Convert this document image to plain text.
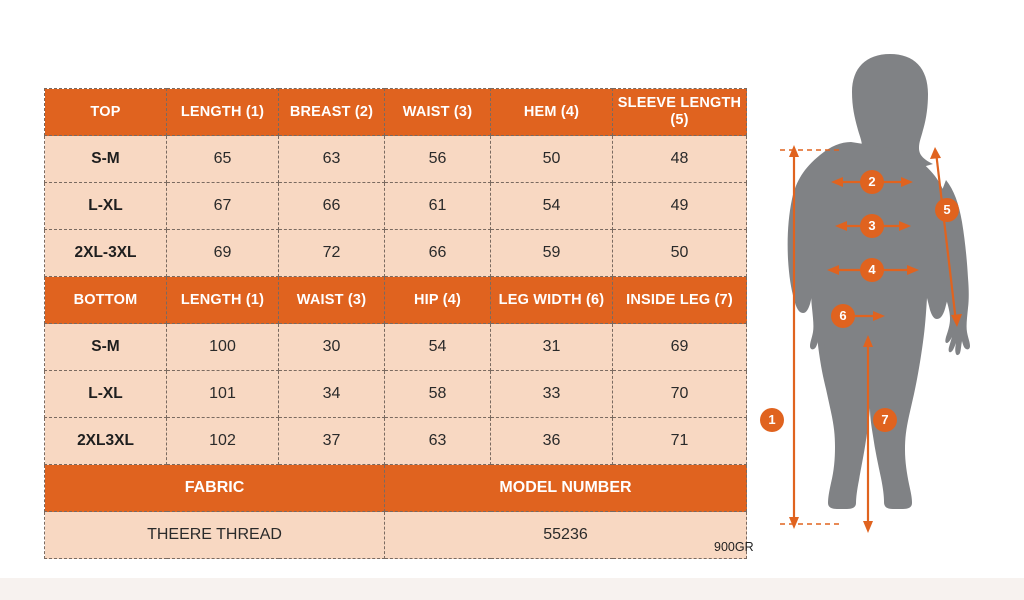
TOP	LENGTH (1)	BREAST (2)	WAIST (3)	HEM (4)	SLEEVE LENGTH (5)
S-M	65	63	56	50	48
L-XL	67	66	61	54	49
2XL-3XL	69	72	66	59	50
BOTTOM	LENGTH (1)	WAIST (3)	HIP (4)	LEG WIDTH (6)	INSIDE LEG (7)
S-M	100	30	54	31	69
L-XL	101	34	58	33	70
2XL3XL	102	37	63	36	71
FABRIC			MODEL NUMBER		
THEERE THREAD			55236		
900GR
1
2
3
4
5
6
7
